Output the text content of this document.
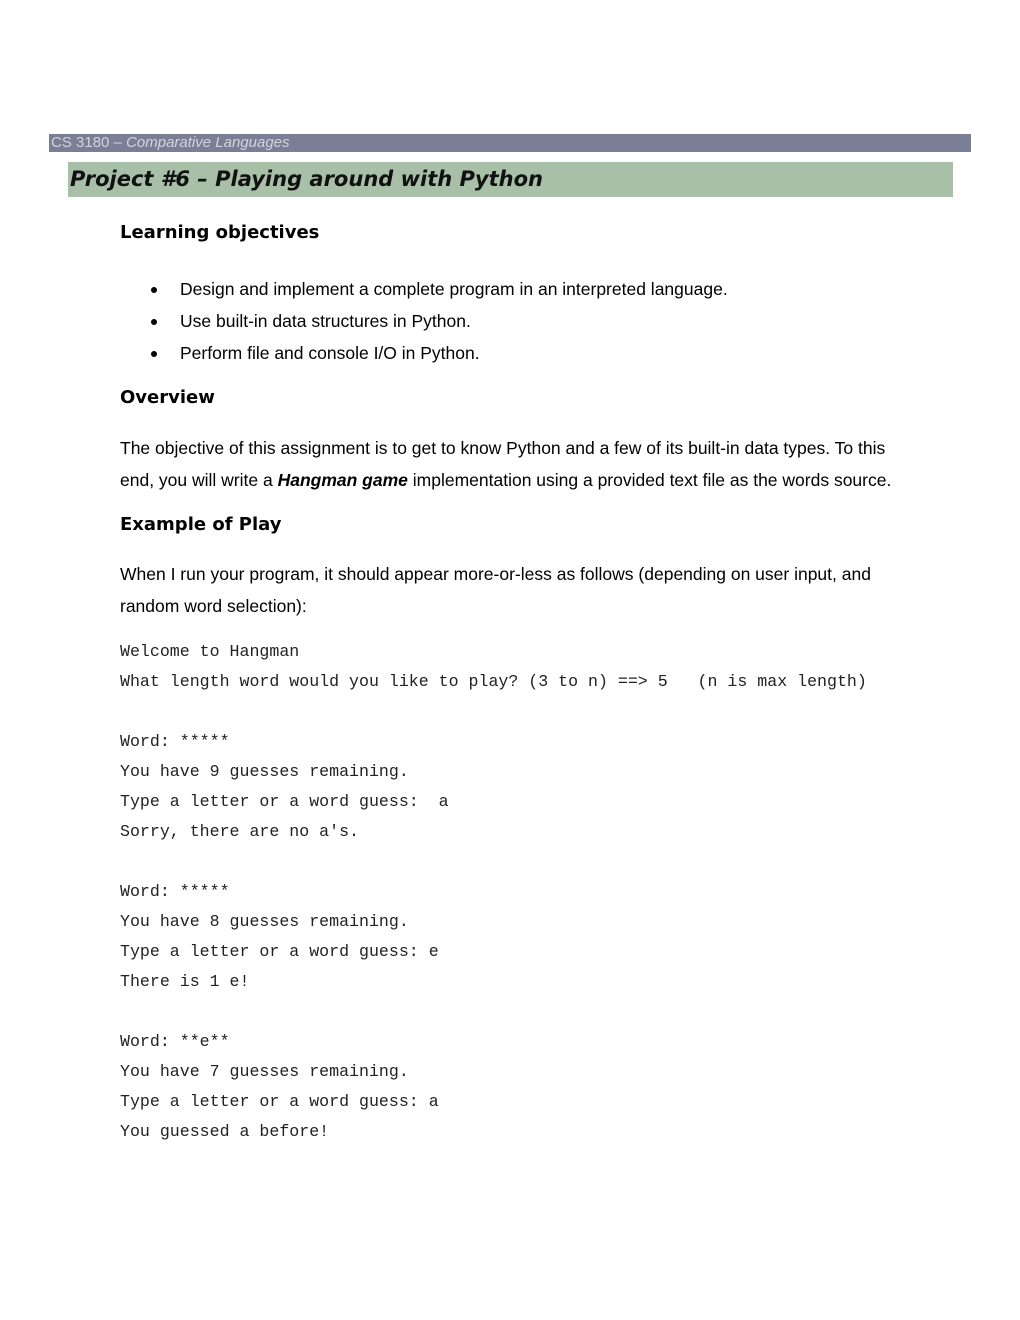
CS 3180 – Comparative Languages
Project #6 – Playing around with Python
Learning objectives
Design and implement a complete program in an interpreted language.
Use built-in data structures in Python.
Perform file and console I/O in Python.
Overview

The objective of this assignment is to get to know Python and a few of its built-in data types. To this end, you will write a Hangman game implementation using a provided text file as the words source.

Example of Play

When I run your program, it should appear more-or-less as follows (depending on user input, and random word selection):

Welcome to Hangman
What length word would you like to play? (3 to n) ==> 5   (n is max length)
Word: *****
You have 9 guesses remaining.
Type a letter or a word guess:  a
Sorry, there are no a's.
Word: *****
You have 8 guesses remaining.
Type a letter or a word guess: e
There is 1 e!
Word: **e**
You have 7 guesses remaining.
Type a letter or a word guess: a
You guessed a before!
